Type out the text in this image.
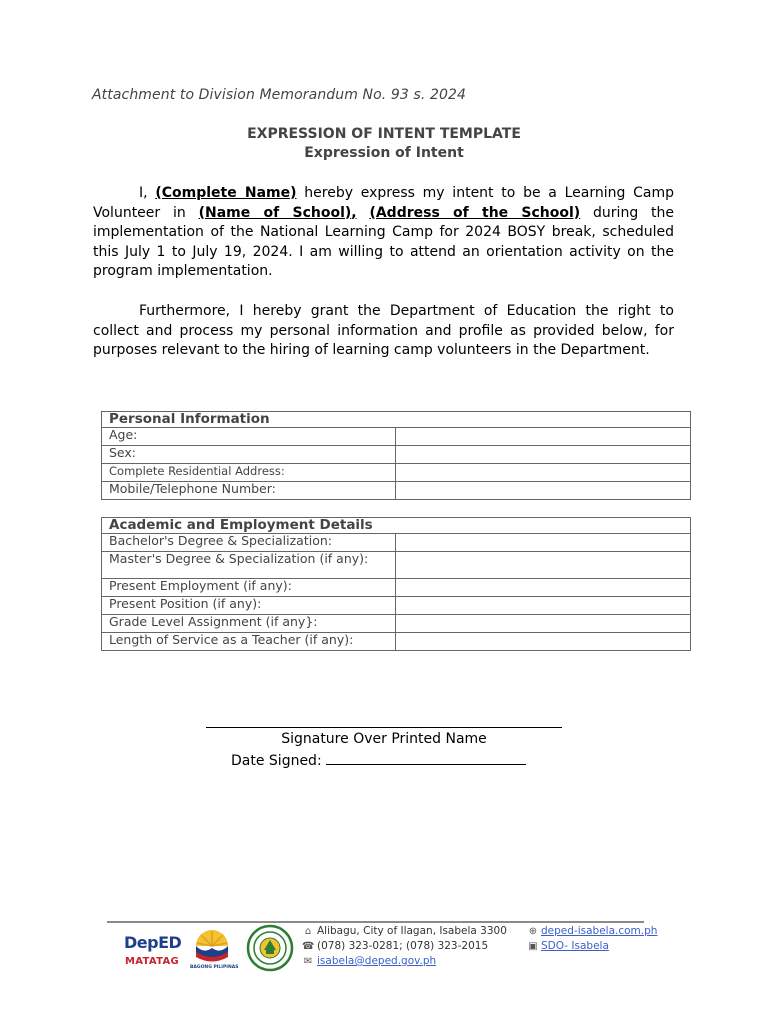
Attachment to Division Memorandum No. 93 s. 2024
EXPRESSION OF INTENT TEMPLATE
Expression of Intent
I, (Complete Name) hereby express my intent to be a Learning Camp Volunteer in (Name of School), (Address of the School) during the implementation of the National Learning Camp for 2024 BOSY break, scheduled this July 1 to July 19, 2024. I am willing to attend an orientation activity on the program implementation.
Furthermore, I hereby grant the Department of Education the right to collect and process my personal information and profile as provided below, for purposes relevant to the hiring of learning camp volunteers in the Department.
Personal Information	
Age:	
Sex:	
Complete Residential Address:	
Mobile/Telephone Number:	
Academic and Employment Details	
Bachelor's Degree & Specialization:	
Master's Degree & Specialization (if any):	
Present Employment (if any):	
Present Position (if any):	
Grade Level Assignment (if any}:	
Length of Service as a Teacher (if any):	
Signature Over Printed Name
Date Signed:
DepED
MATATAG
BAGONG PILIPINAS
⌂ Alibagu, City of Ilagan, Isabela 3300
☎ (078) 323-0281; (078) 323-2015
✉ isabela@deped.gov.ph
⊕ deped-isabela.com.ph
▣ SDO- Isabela
